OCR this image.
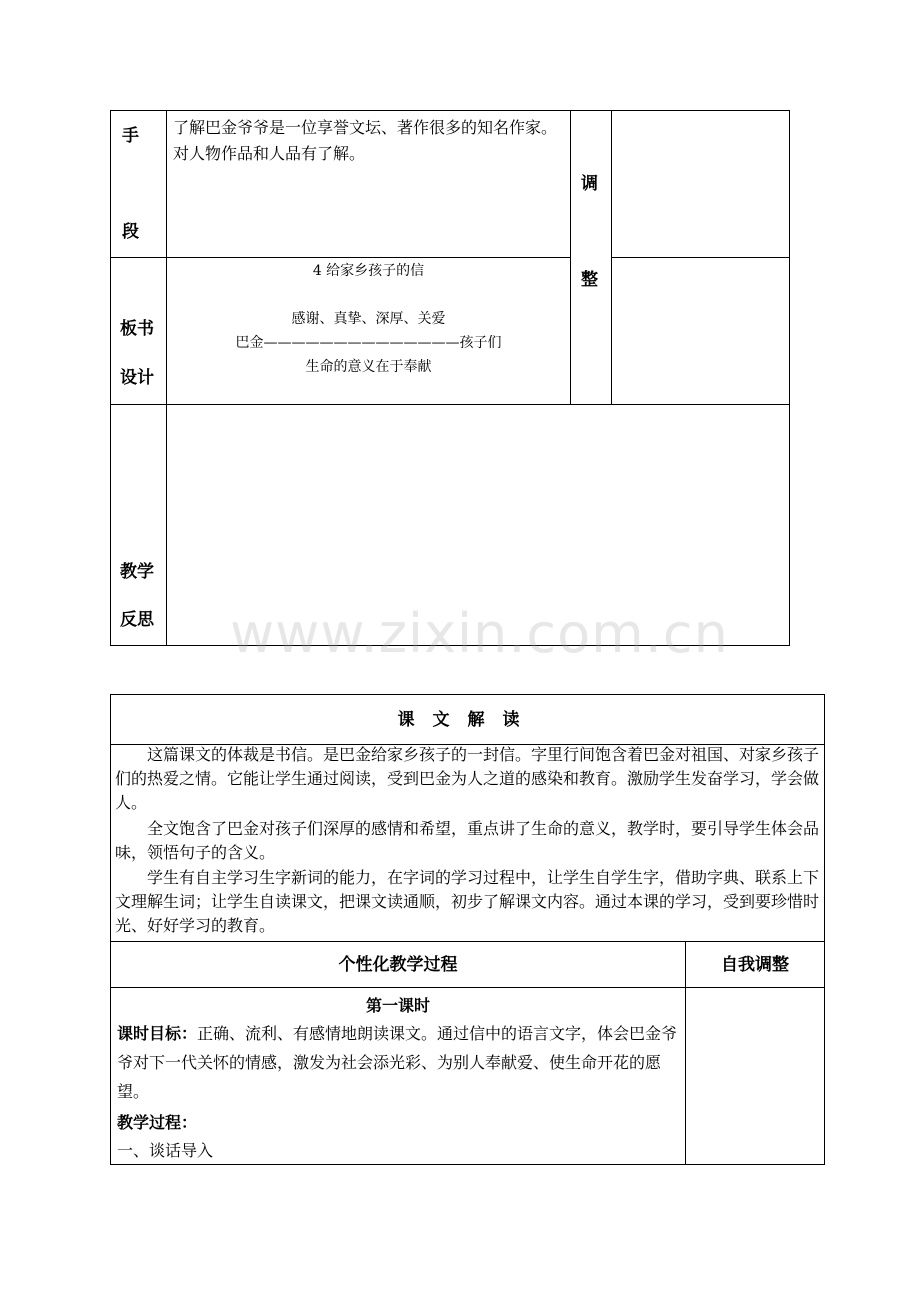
手
段
了解巴金爷爷是一位享誉文坛、著作很多的知名作家。对人物作品和人品有了解。
调
整
板书
设计
4 给家乡孩子的信
感谢、真挚、深厚、关爱
巴金——————————————孩子们
生命的意义在于奉献
教学
反思 www.zixin.com.cn
课文解读
这篇课文的体裁是书信。是巴金给家乡孩子的一封信。字里行间饱含着巴金对祖国、对家乡孩子们的热爱之情。它能让学生通过阅读，受到巴金为人之道的感染和教育。激励学生发奋学习，学会做人。
全文饱含了巴金对孩子们深厚的感情和希望，重点讲了生命的意义，教学时，要引导学生体会品味，领悟句子的含义。
学生有自主学习生字新词的能力，在字词的学习过程中，让学生自学生字，借助字典、联系上下文理解生词；让学生自读课文，把课文读通顺，初步了解课文内容。通过本课的学习，受到要珍惜时光、好好学习的教育。
个性化教学过程	自我调整
第一课时
课时目标：正确、流利、有感情地朗读课文。通过信中的语言文字，体会巴金爷爷对下一代关怀的情感，激发为社会添光彩、为别人奉献爱、使生命开花的愿望。
教学过程：
一、谈话导入
